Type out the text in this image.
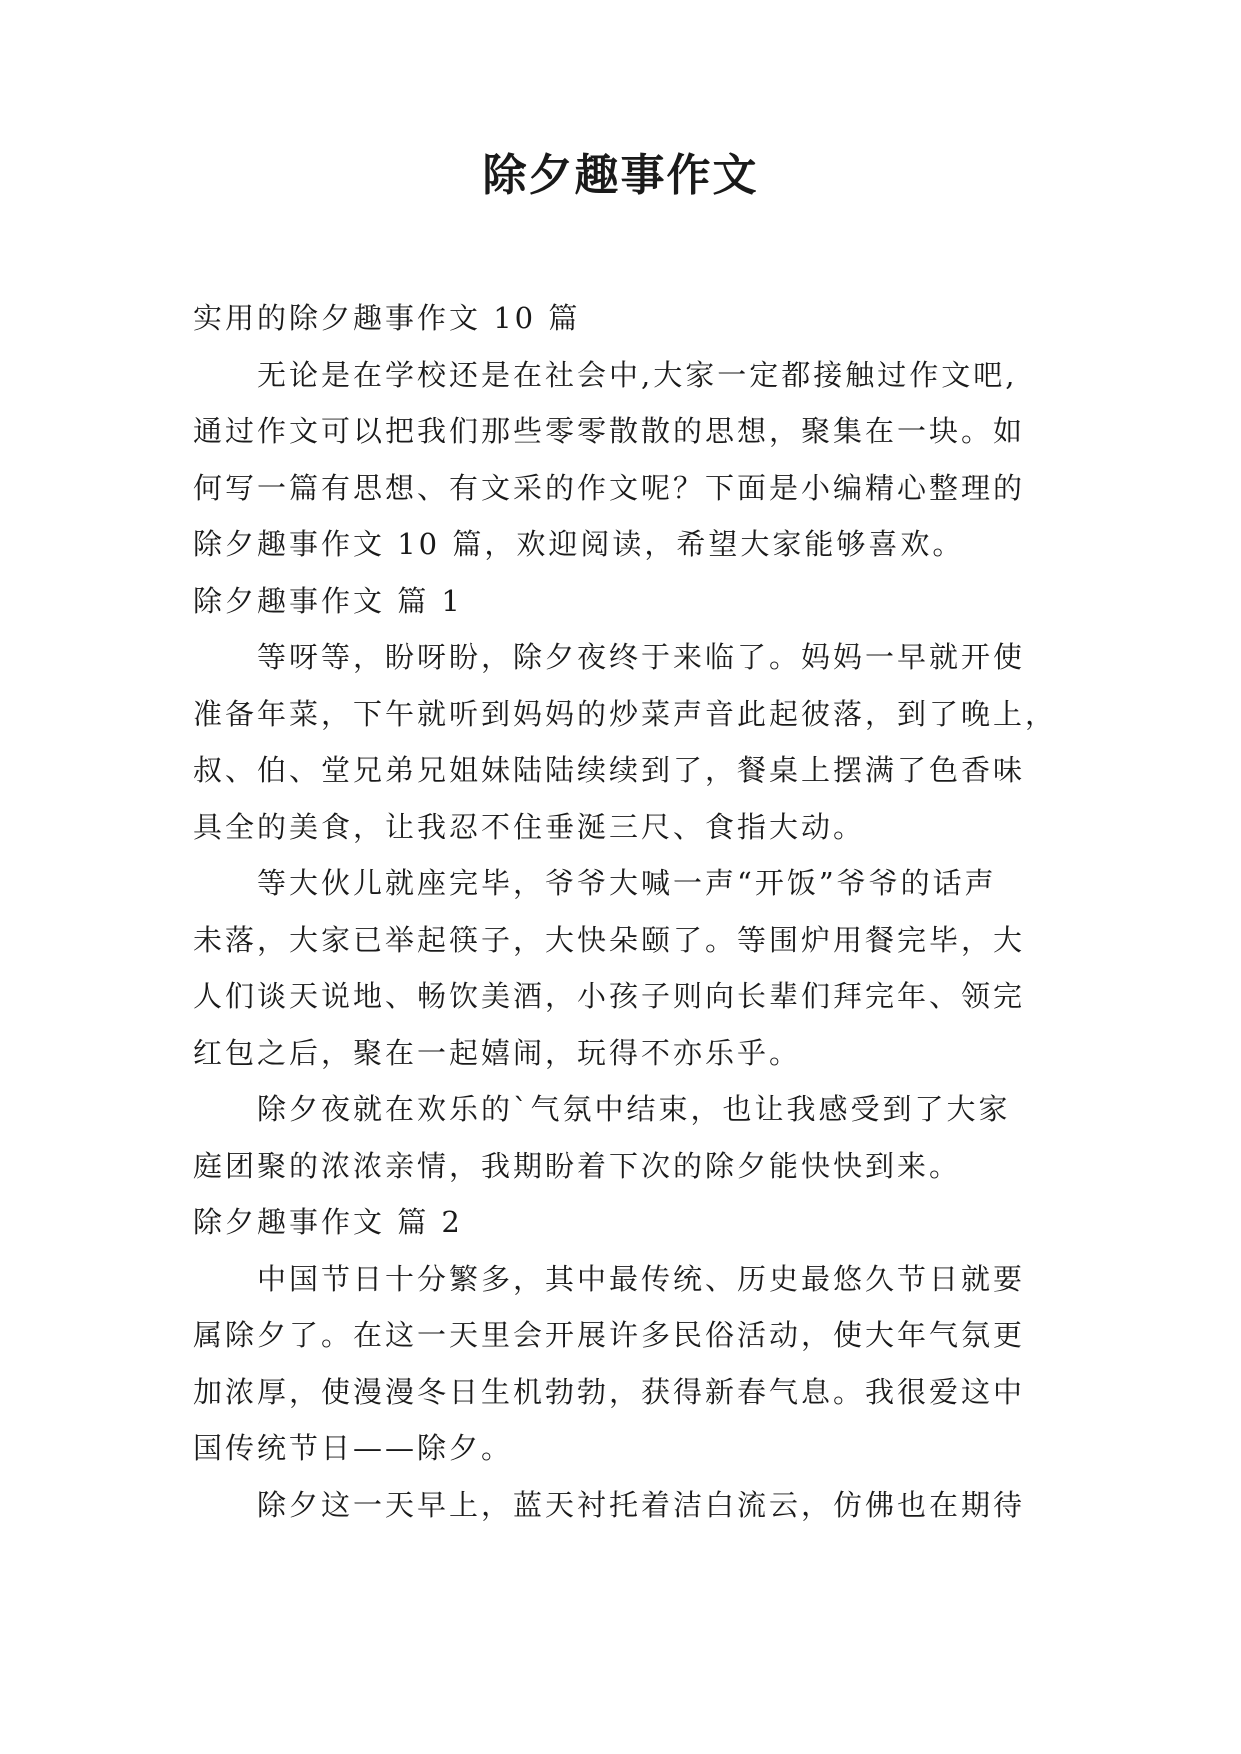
除夕趣事作文

实用的除夕趣事作文 10 篇

无论是在学校还是在社会中,大家一定都接触过作文吧,

通过作文可以把我们那些零零散散的思想，聚集在一块。如

何写一篇有思想、有文采的作文呢？下面是小编精心整理的

除夕趣事作文 10 篇，欢迎阅读，希望大家能够喜欢。

除夕趣事作文 篇 1

等呀等，盼呀盼，除夕夜终于来临了。妈妈一早就开使

准备年菜，下午就听到妈妈的炒菜声音此起彼落，到了晚上，

叔、伯、堂兄弟兄姐妹陆陆续续到了，餐桌上摆满了色香味

具全的美食，让我忍不住垂涎三尺、食指大动。

等大伙儿就座完毕，爷爷大喊一声“开饭”爷爷的话声

未落，大家已举起筷子，大快朵颐了。等围炉用餐完毕，大

人们谈天说地、畅饮美酒，小孩子则向长辈们拜完年、领完

红包之后，聚在一起嬉闹，玩得不亦乐乎。

除夕夜就在欢乐的`气氛中结束，也让我感受到了大家

庭团聚的浓浓亲情，我期盼着下次的除夕能快快到来。

除夕趣事作文 篇 2

中国节日十分繁多，其中最传统、历史最悠久节日就要

属除夕了。在这一天里会开展许多民俗活动，使大年气氛更

加浓厚，使漫漫冬日生机勃勃，获得新春气息。我很爱这中

国传统节日——除夕。

除夕这一天早上，蓝天衬托着洁白流云，仿佛也在期待
